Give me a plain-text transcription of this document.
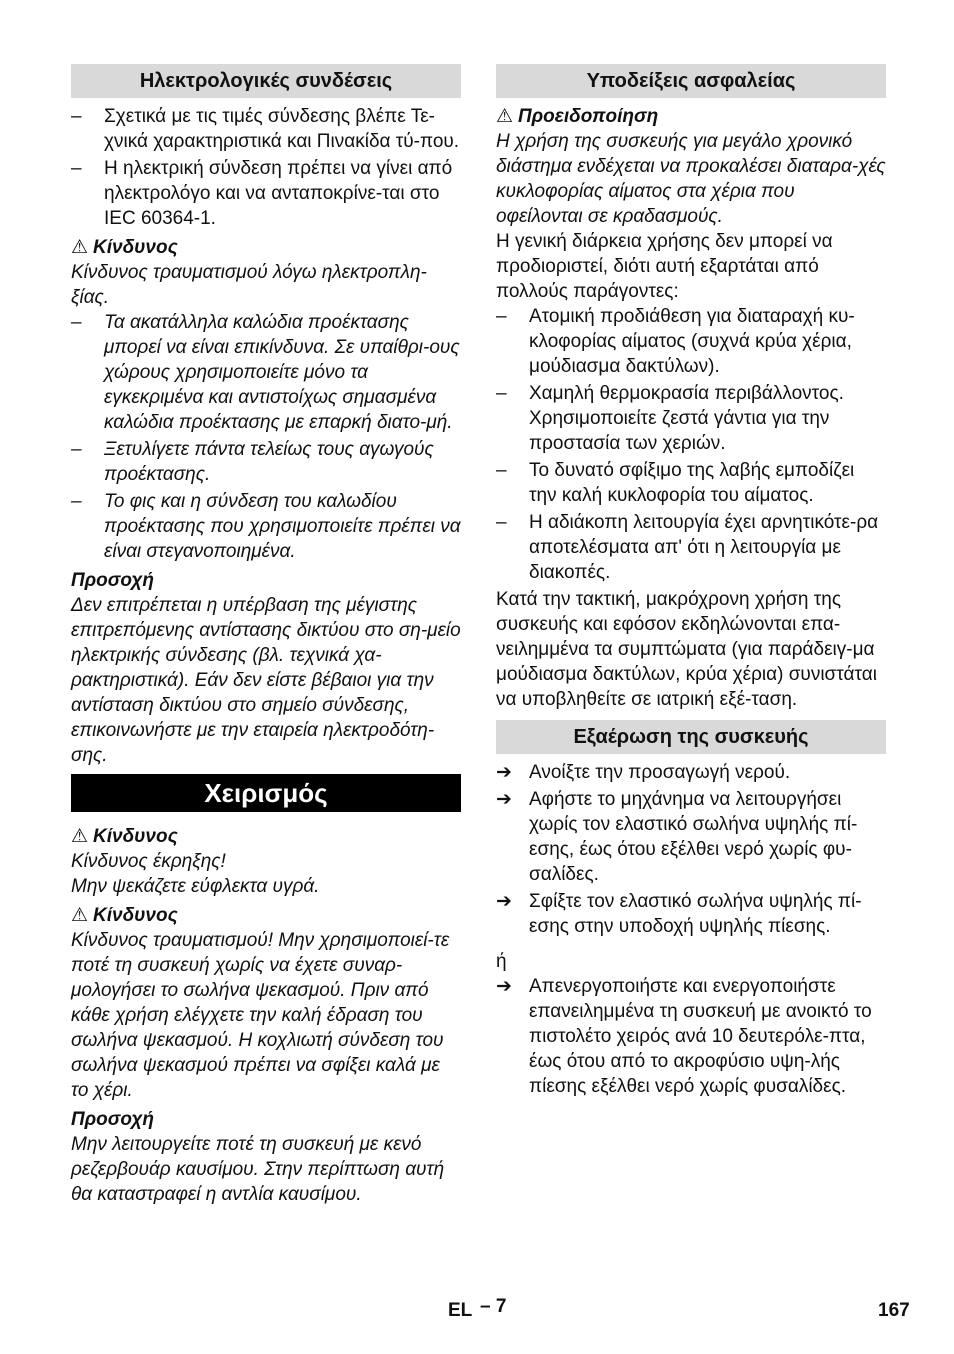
Ηλεκτρολογικές συνδέσεις
– Σχετικά με τις τιμές σύνδεσης βλέπε Τε-χνικά χαρακτηριστικά και Πινακίδα τύ-που.
– Η ηλεκτρική σύνδεση πρέπει να γίνει από ηλεκτρολόγο και να ανταποκρίνε-ται στο IEC 60364-1.
⚠ Κίνδυνος

Κίνδυνος τραυματισμού λόγω ηλεκτροπλη-ξίας.

– Τα ακατάλληλα καλώδια προέκτασης μπορεί να είναι επικίνδυνα. Σε υπαίθρι-ους χώρους χρησιμοποιείτε μόνο τα εγκεκριμένα και αντιστοίχως σημασμένα καλώδια προέκτασης με επαρκή διατο-μή.
– Ξετυλίγετε πάντα τελείως τους αγωγούς προέκτασης.
– Το φις και η σύνδεση του καλωδίου προέκτασης που χρησιμοποιείτε πρέπει να είναι στεγανοποιημένα.
Προσοχή

Δεν επιτρέπεται η υπέρβαση της μέγιστης επιτρεπόμενης αντίστασης δικτύου στο ση-μείο ηλεκτρικής σύνδεσης (βλ. τεχνικά χα-ρακτηριστικά). Εάν δεν είστε βέβαιοι για την αντίσταση δικτύου στο σημείο σύνδεσης, επικοινωνήστε με την εταιρεία ηλεκτροδότη-σης.

Χειρισμός
⚠ Κίνδυνος

Κίνδυνος έκρηξης!

Μην ψεκάζετε εύφλεκτα υγρά.

⚠ Κίνδυνος

Κίνδυνος τραυματισμού! Μην χρησιμοποιεί-τε ποτέ τη συσκευή χωρίς να έχετε συναρ-μολογήσει το σωλήνα ψεκασμού. Πριν από κάθε χρήση ελέγχετε την καλή έδραση του σωλήνα ψεκασμού. Η κοχλιωτή σύνδεση του σωλήνα ψεκασμού πρέπει να σφίξει καλά με το χέρι.

Προσοχή

Μην λειτουργείτε ποτέ τη συσκευή με κενό ρεζερβουάρ καυσίμου. Στην περίπτωση αυτή θα καταστραφεί η αντλία καυσίμου.

Υποδείξεις ασφαλείας
⚠ Προειδοποίηση

Η χρήση της συσκευής για μεγάλο χρονικό διάστημα ενδέχεται να προκαλέσει διαταρα-χές κυκλοφορίας αίματος στα χέρια που οφείλονται σε κραδασμούς.

Η γενική διάρκεια χρήσης δεν μπορεί να προδιοριστεί, διότι αυτή εξαρτάται από πολλούς παράγοντες:

– Ατομική προδιάθεση για διαταραχή κυ-κλοφορίας αίματος (συχνά κρύα χέρια, μούδιασμα δακτύλων).
– Χαμηλή θερμοκρασία περιβάλλοντος. Χρησιμοποιείτε ζεστά γάντια για την προστασία των χεριών.
– Το δυνατό σφίξιμο της λαβής εμποδίζει την καλή κυκλοφορία του αίματος.
– Η αδιάκοπη λειτουργία έχει αρνητικότε-ρα αποτελέσματα απ' ότι η λειτουργία με διακοπές.

Κατά την τακτική, μακρόχρονη χρήση της συσκευής και εφόσον εκδηλώνονται επα-νειλημμένα τα συμπτώματα (για παράδειγ-μα μούδιασμα δακτύλων, κρύα χέρια) συνιστάται να υποβληθείτε σε ιατρική εξέ-ταση.

Εξαέρωση της συσκευής
➔ Ανοίξτε την προσαγωγή νερού.
➔ Αφήστε το μηχάνημα να λειτουργήσει χωρίς τον ελαστικό σωλήνα υψηλής πί-εσης, έως ότου εξέλθει νερό χωρίς φυ-σαλίδες.
➔ Σφίξτε τον ελαστικό σωλήνα υψηλής πί-εσης στην υποδοχή υψηλής πίεσης.

ή

➔ Απενεργοποιήστε και ενεργοποιήστε επανειλημμένα τη συσκευή με ανοικτό το πιστολέτο χειρός ανά 10 δευτερόλε-πτα, έως ότου από το ακροφύσιο υψη-λής πίεσης εξέλθει νερό χωρίς φυσαλίδες.
EL – 7	167
